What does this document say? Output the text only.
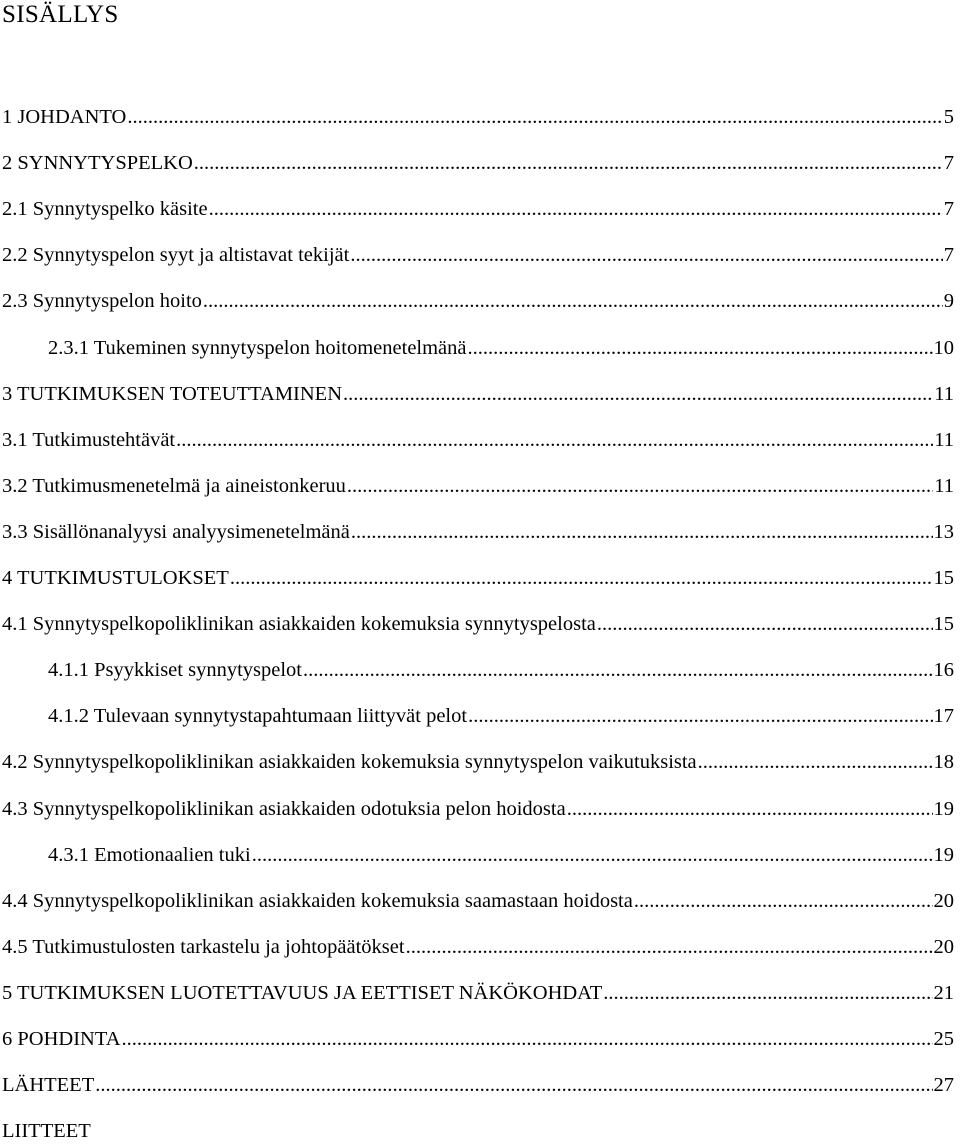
SISÄLLYS
1 JOHDANTO .....	5
2 SYNNYTYSPELKO .....	7
2.1 Synnytyspelko käsite .....	7
2.2 Synnytyspelon syyt ja altistavat tekijät .....	7
2.3 Synnytyspelon hoito .....	9
2.3.1 Tukeminen synnytyspelon hoitomenetelmänä .....	10
3 TUTKIMUKSEN TOTEUTTAMINEN .....	11
3.1 Tutkimustehtävät .....	11
3.2 Tutkimusmenetelmä ja aineistonkeruu .....	11
3.3 Sisällönanalyysi analyysimenetelmänä .....	13
4 TUTKIMUSTULOKSET .....	15
4.1 Synnytyspelkopoliklinikan asiakkaiden kokemuksia synnytyspelosta .....	15
4.1.1 Psyykkiset synnytyspelot .....	16
4.1.2 Tulevaan synnytystapahtumaan liittyvät pelot .....	17
4.2 Synnytyspelkopoliklinikan asiakkaiden kokemuksia synnytyspelon vaikutuksista .....	18
4.3 Synnytyspelkopoliklinikan asiakkaiden odotuksia pelon hoidosta .....	19
4.3.1 Emotionaalien tuki .....	19
4.4 Synnytyspelkopoliklinikan asiakkaiden kokemuksia saamastaan hoidosta .....	20
4.5 Tutkimustulosten tarkastelu ja johtopäätökset .....	20
5 TUTKIMUKSEN LUOTETTAVUUS JA EETTISET NÄKÖKOHDAT .....	21
6 POHDINTA .....	25
LÄHTEET .....	27
LIITTEET
